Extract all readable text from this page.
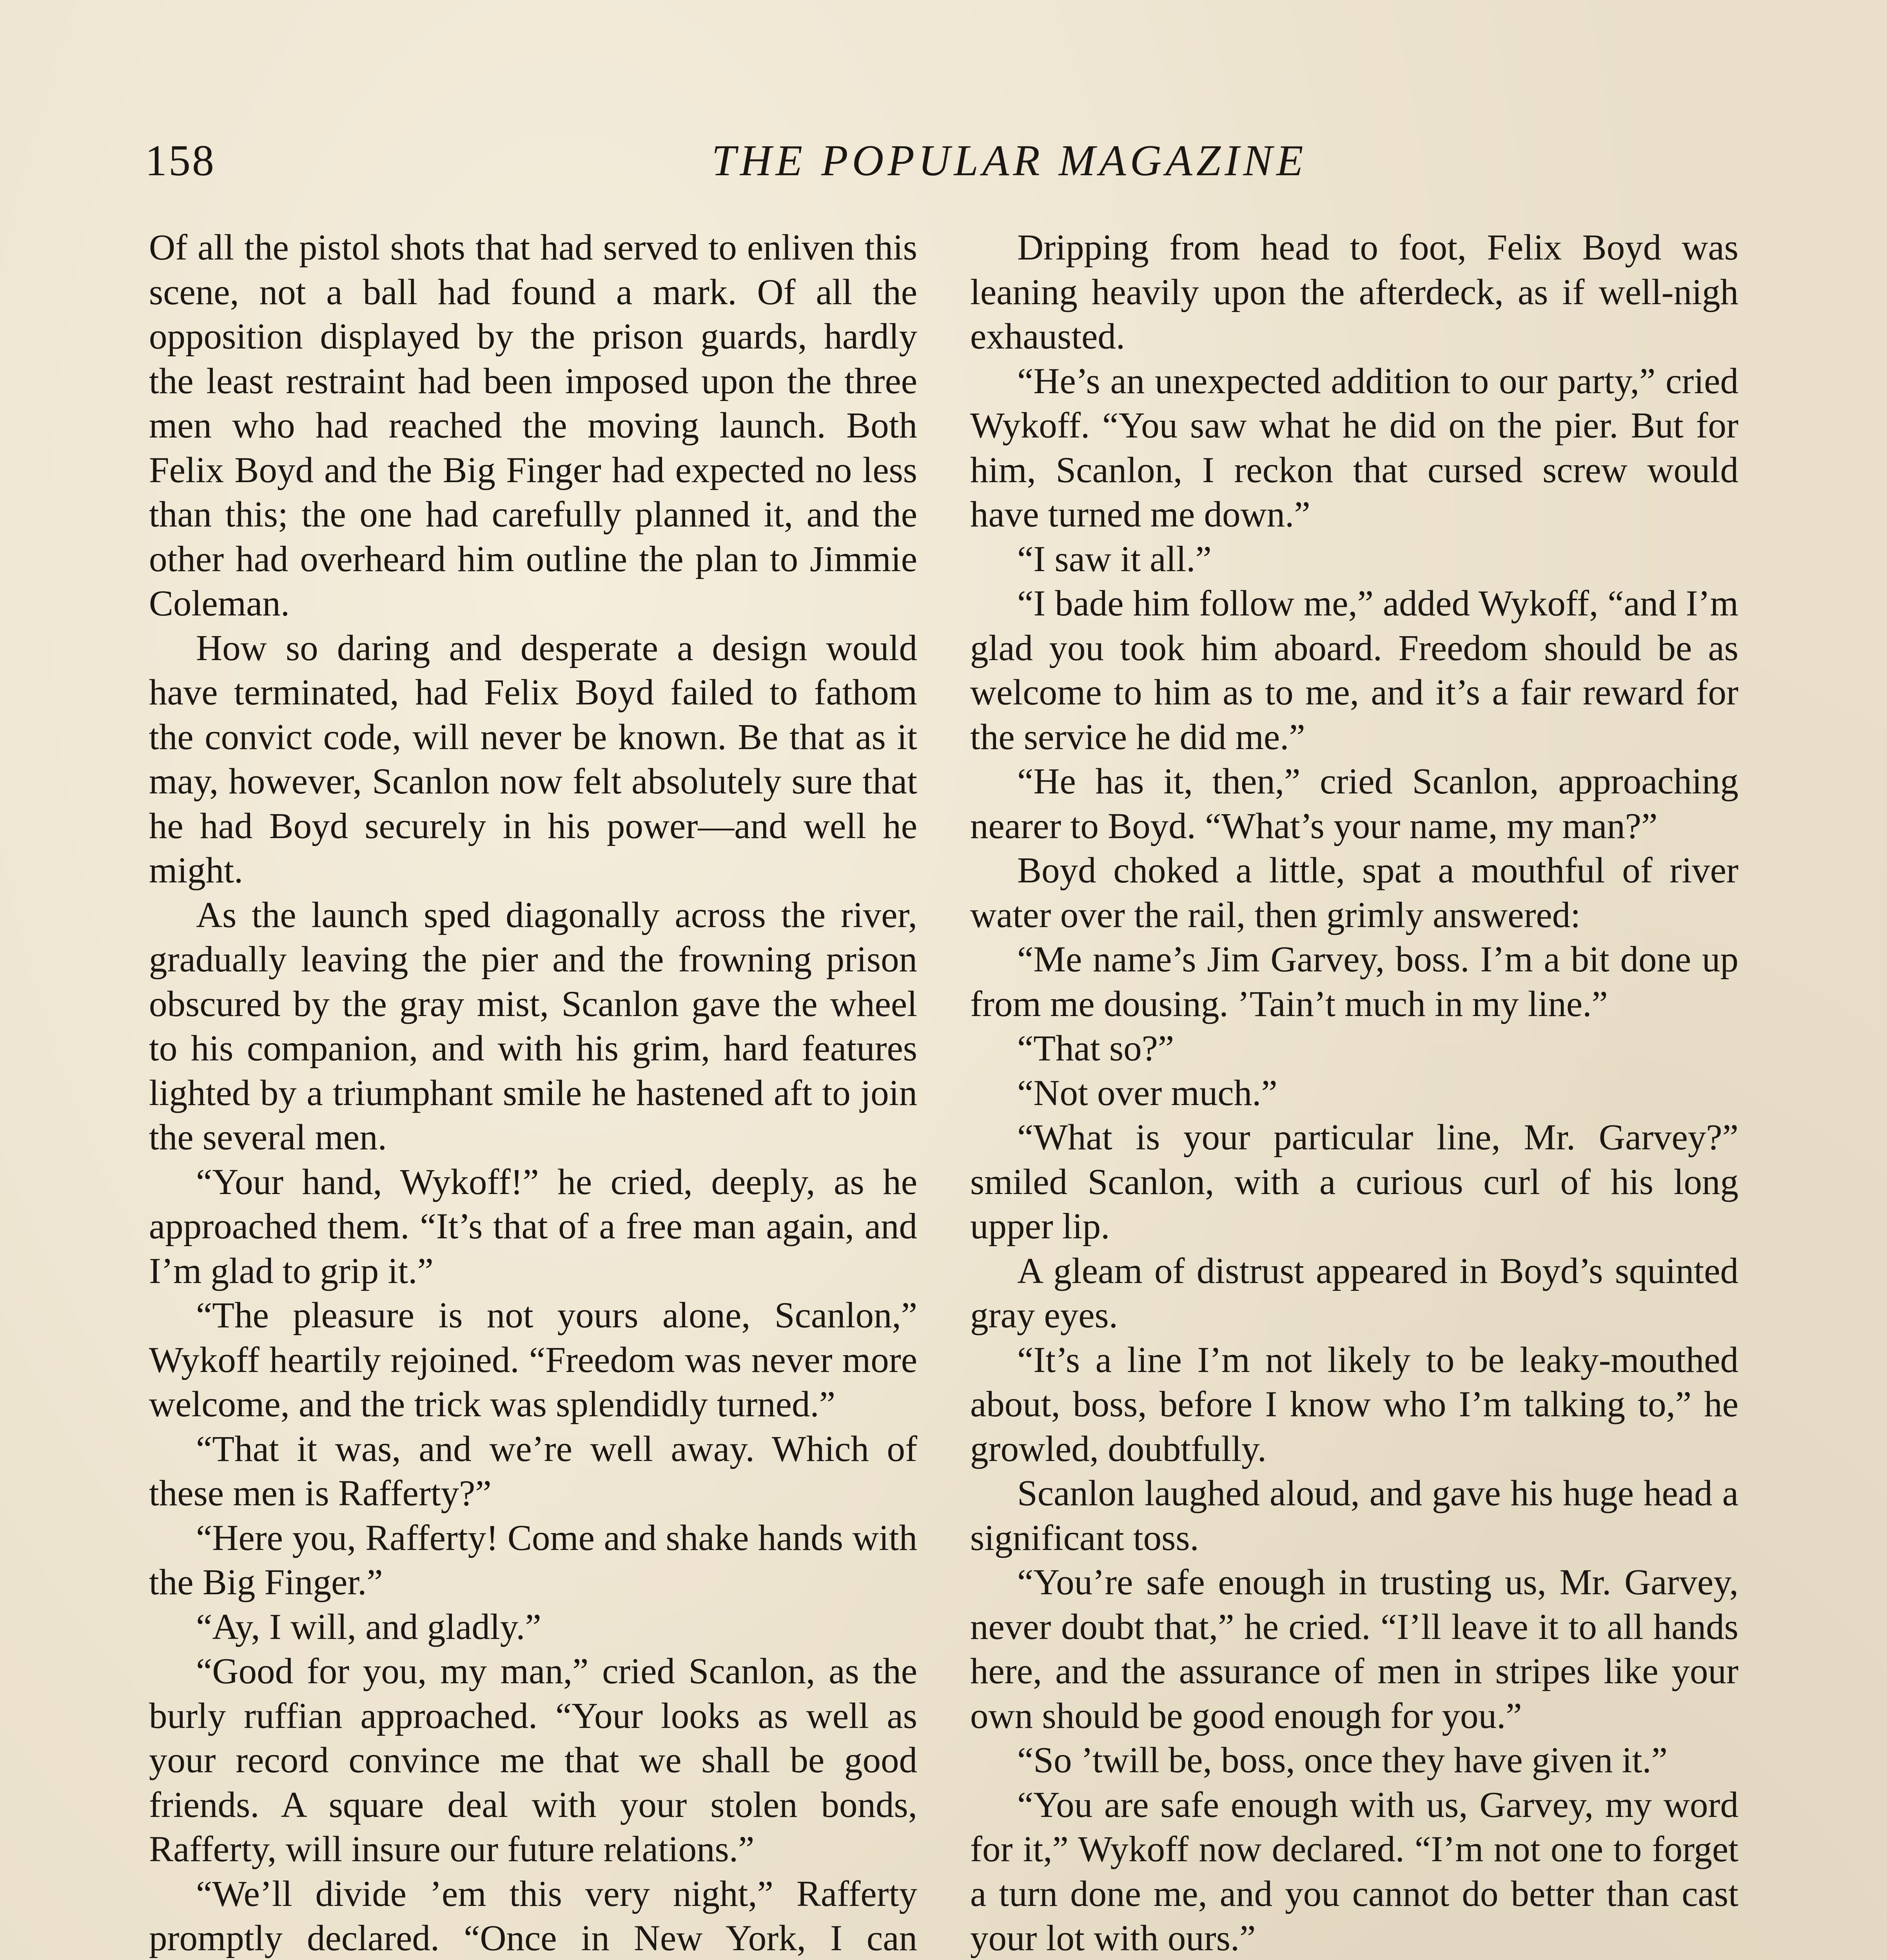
158	THE POPULAR MAGAZINE

Of all the pistol shots that had served to enliven this scene, not a ball had found a mark. Of all the opposition displayed by the prison guards, hardly the least restraint had been imposed upon the three men who had reached the moving launch. Both Felix Boyd and the Big Finger had expected no less than this; the one had carefully planned it, and the other had overheard him outline the plan to Jimmie Coleman.

How so daring and desperate a design would have terminated, had Felix Boyd failed to fathom the convict code, will never be known. Be that as it may, however, Scanlon now felt absolutely sure that he had Boyd securely in his power—and well he might.

As the launch sped diagonally across the river, gradually leaving the pier and the frowning prison obscured by the gray mist, Scanlon gave the wheel to his companion, and with his grim, hard features lighted by a triumphant smile he hastened aft to join the several men.

“Your hand, Wykoff!” he cried, deeply, as he approached them. “It’s that of a free man again, and I’m glad to grip it.”

“The pleasure is not yours alone, Scanlon,” Wykoff heartily rejoined. “Freedom was never more welcome, and the trick was splendidly turned.”

“That it was, and we’re well away. Which of these men is Rafferty?”

“Here you, Rafferty! Come and shake hands with the Big Finger.”

“Ay, I will, and gladly.”

“Good for you, my man,” cried Scanlon, as the burly ruffian approached. “Your looks as well as your record convince me that we shall be good friends. A square deal with your stolen bonds, Rafferty, will insure our future relations.”

“We’ll divide ’em this very night,” Rafferty promptly declared. “Once in New York, I can

Dripping from head to foot, Felix Boyd was leaning heavily upon the afterdeck, as if well-nigh exhausted.

“He’s an unexpected addition to our party,” cried Wykoff. “You saw what he did on the pier. But for him, Scanlon, I reckon that cursed screw would have turned me down.”

“I saw it all.”

“I bade him follow me,” added Wykoff, “and I’m glad you took him aboard. Freedom should be as welcome to him as to me, and it’s a fair reward for the service he did me.”

“He has it, then,” cried Scanlon, approaching nearer to Boyd. “What’s your name, my man?”

Boyd choked a little, spat a mouthful of river water over the rail, then grimly answered:

“Me name’s Jim Garvey, boss. I’m a bit done up from me dousing. ’Tain’t much in my line.”

“That so?”

“Not over much.”

“What is your particular line, Mr. Garvey?” smiled Scanlon, with a curious curl of his long upper lip.

A gleam of distrust appeared in Boyd’s squinted gray eyes.

“It’s a line I’m not likely to be leaky-mouthed about, boss, before I know who I’m talking to,” he growled, doubtfully.

Scanlon laughed aloud, and gave his huge head a significant toss.

“You’re safe enough in trusting us, Mr. Garvey, never doubt that,” he cried. “I’ll leave it to all hands here, and the assurance of men in stripes like your own should be good enough for you.”

“So ’twill be, boss, once they have given it.”

“You are safe enough with us, Garvey, my word for it,” Wykoff now declared. “I’m not one to forget a turn done me, and you cannot do better than cast your lot with ours.”
